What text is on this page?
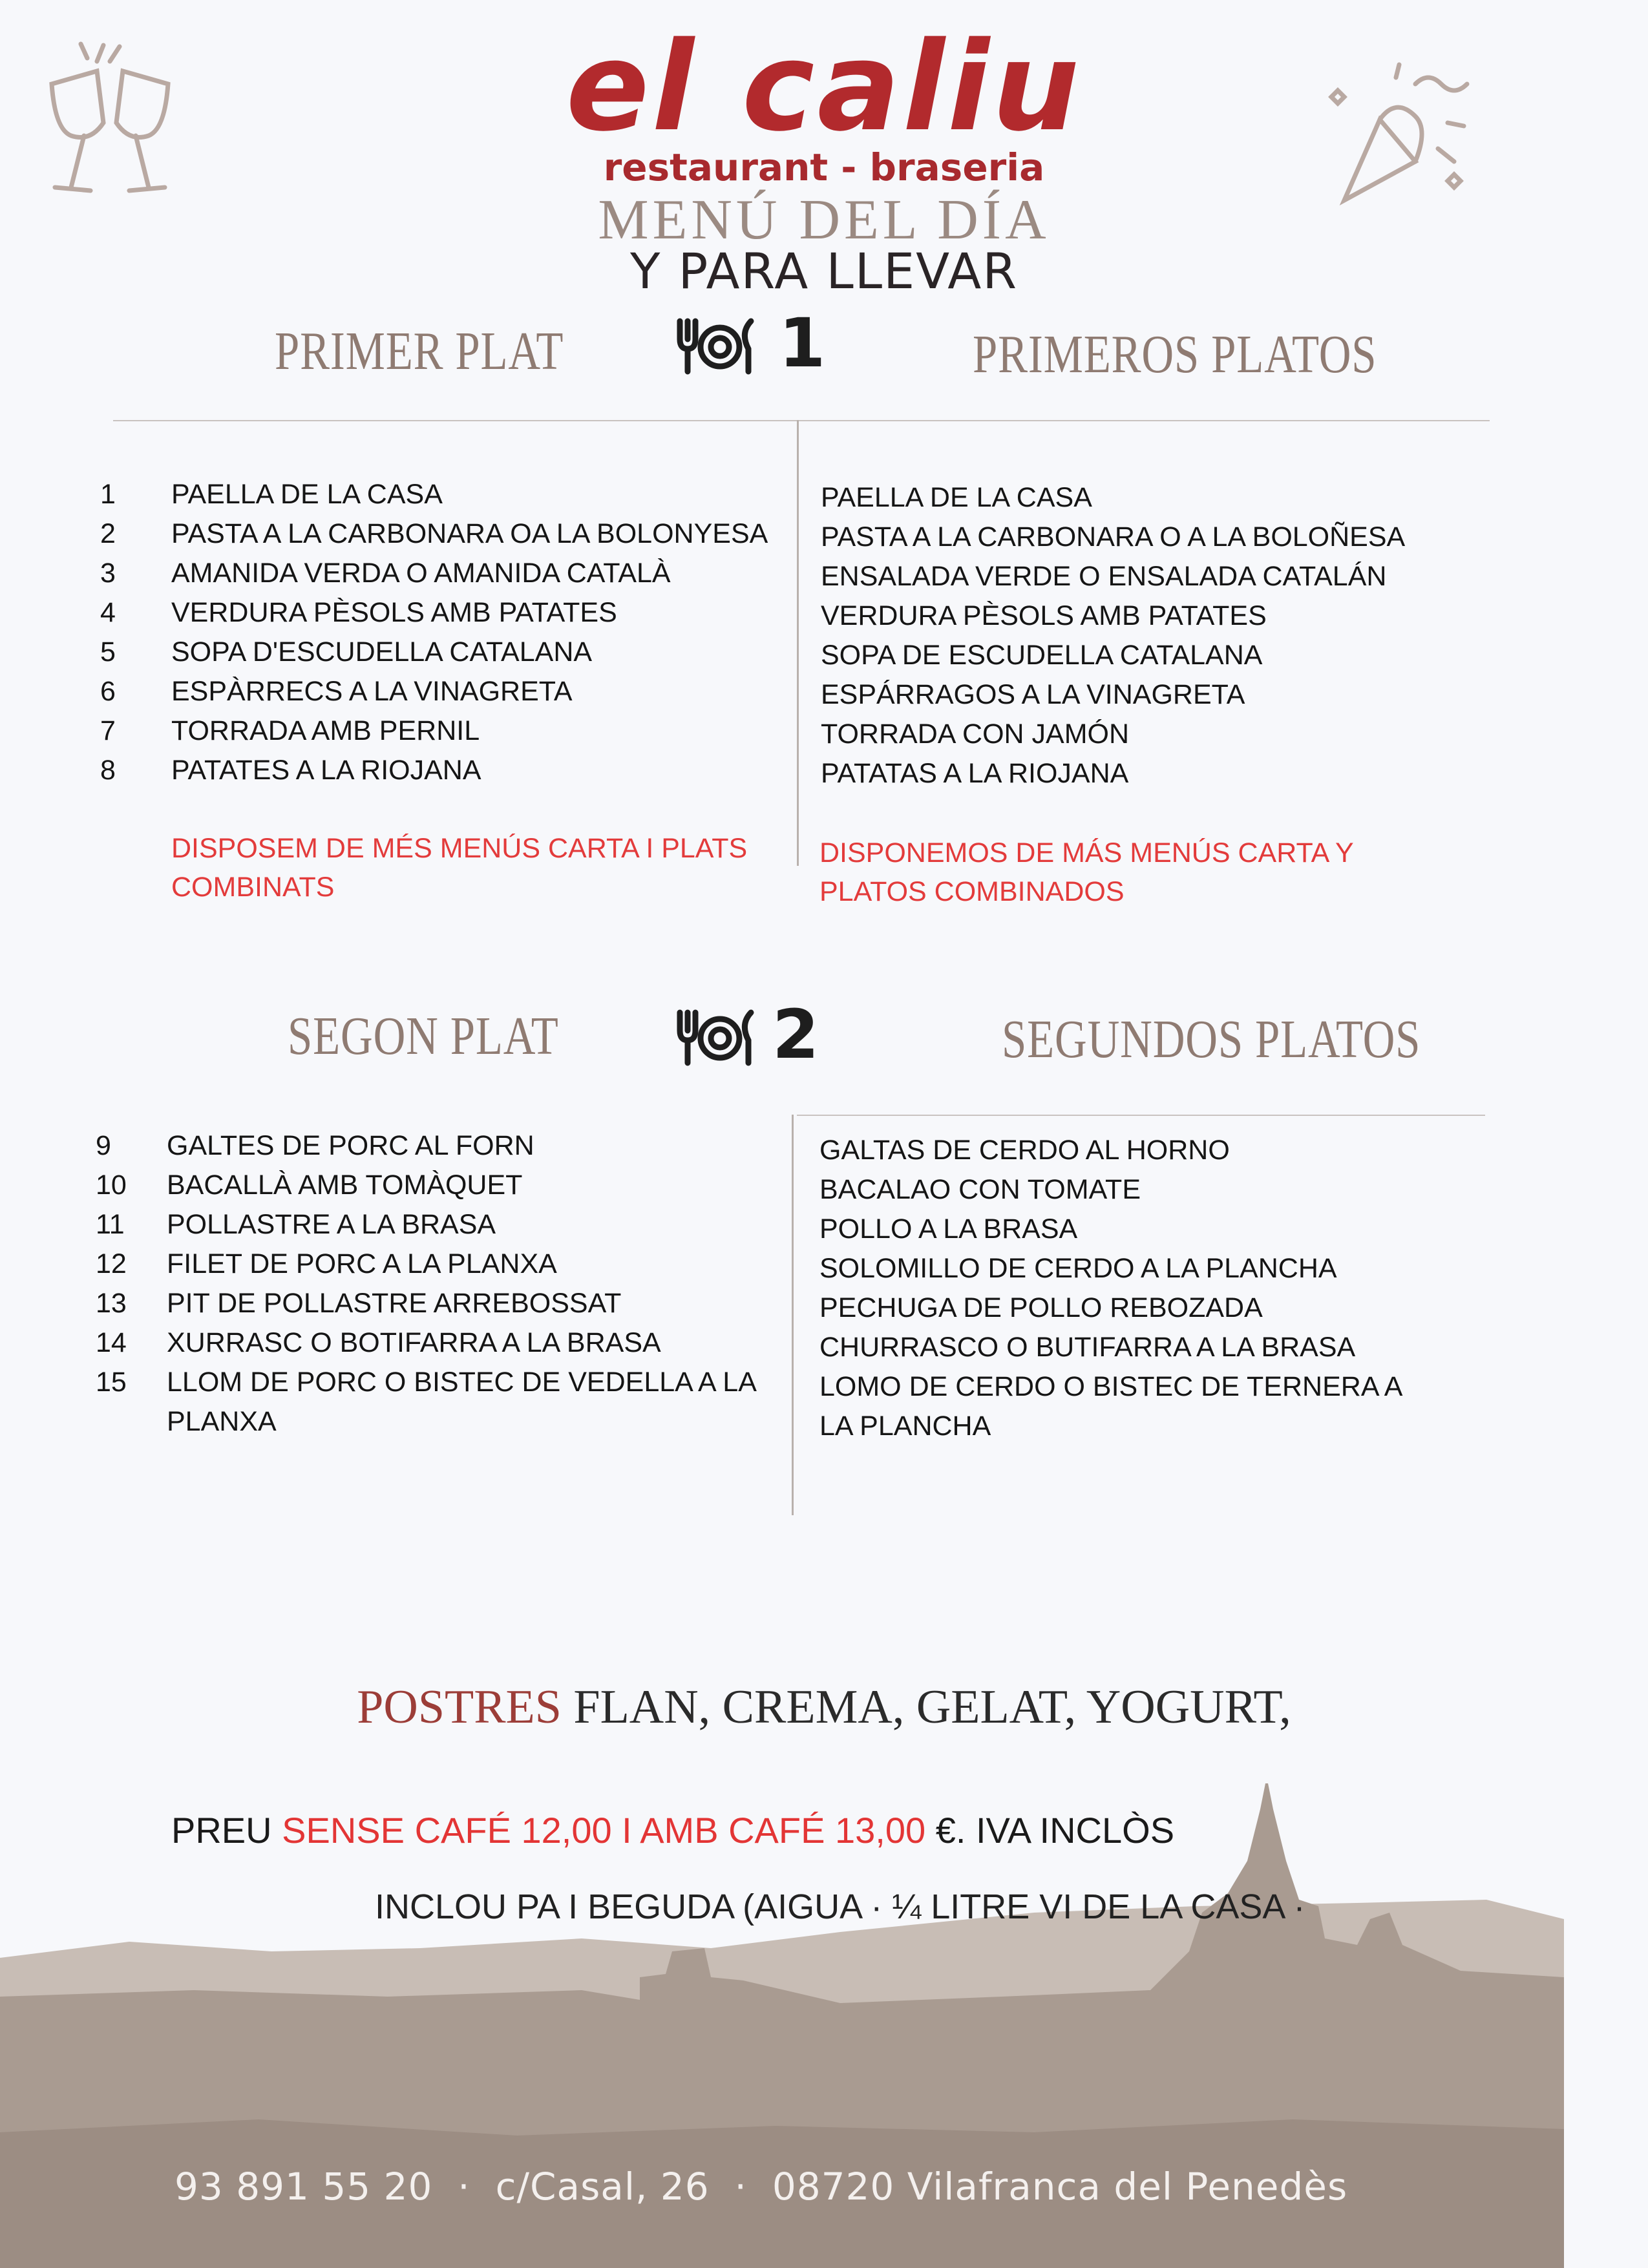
el caliu
restaurant - braseria
MENÚ DEL DÍA
Y PARA LLEVAR
PRIMER PLAT	1	PRIMEROS PLATOS
1	PAELLA DE LA CASA
2	PASTA A LA CARBONARA OA LA BOLONYESA
3	AMANIDA VERDA O AMANIDA CATALÀ
4	VERDURA PÈSOLS AMB PATATES
5	SOPA D'ESCUDELLA CATALANA
6	ESPÀRRECS A LA VINAGRETA
7	TORRADA AMB PERNIL
8	PATATES A LA RIOJANA
DISPOSEM DE MÉS MENÚS CARTA I PLATS COMBINATS
PAELLA DE LA CASA
PASTA A LA CARBONARA O A LA BOLOÑESA
ENSALADA VERDE O ENSALADA CATALÁN
VERDURA PÈSOLS AMB PATATES
SOPA DE ESCUDELLA CATALANA
ESPÁRRAGOS A LA VINAGRETA
TORRADA CON JAMÓN
PATATAS A LA RIOJANA
DISPONEMOS DE MÁS MENÚS CARTA Y PLATOS COMBINADOS
SEGON PLAT	2	SEGUNDOS PLATOS
9	GALTES DE PORC AL FORN
10	BACALLÀ AMB TOMÀQUET
11	POLLASTRE A LA BRASA
12	FILET DE PORC A LA PLANXA
13	PIT DE POLLASTRE ARREBOSSAT
14	XURRASC O BOTIFARRA A LA BRASA
15	LLOM DE PORC O BISTEC DE VEDELLA A LA PLANXA
GALTAS DE CERDO AL HORNO
BACALAO CON TOMATE
POLLO A LA BRASA
SOLOMILLO DE CERDO A LA PLANCHA
PECHUGA DE POLLO REBOZADA
CHURRASCO O BUTIFARRA A LA BRASA
LOMO DE CERDO O BISTEC DE TERNERA A LA PLANCHA
POSTRES FLAN, CREMA, GELAT, YOGURT,
PREU SENSE CAFÉ 12,00 I AMB CAFÉ 13,00 €. IVA INCLÒS
INCLOU PA I BEGUDA (AIGUA · ¼ LITRE VI DE LA CASA ·
93 891 55 20  ·  c/Casal, 26  ·  08720 Vilafranca del Penedès
